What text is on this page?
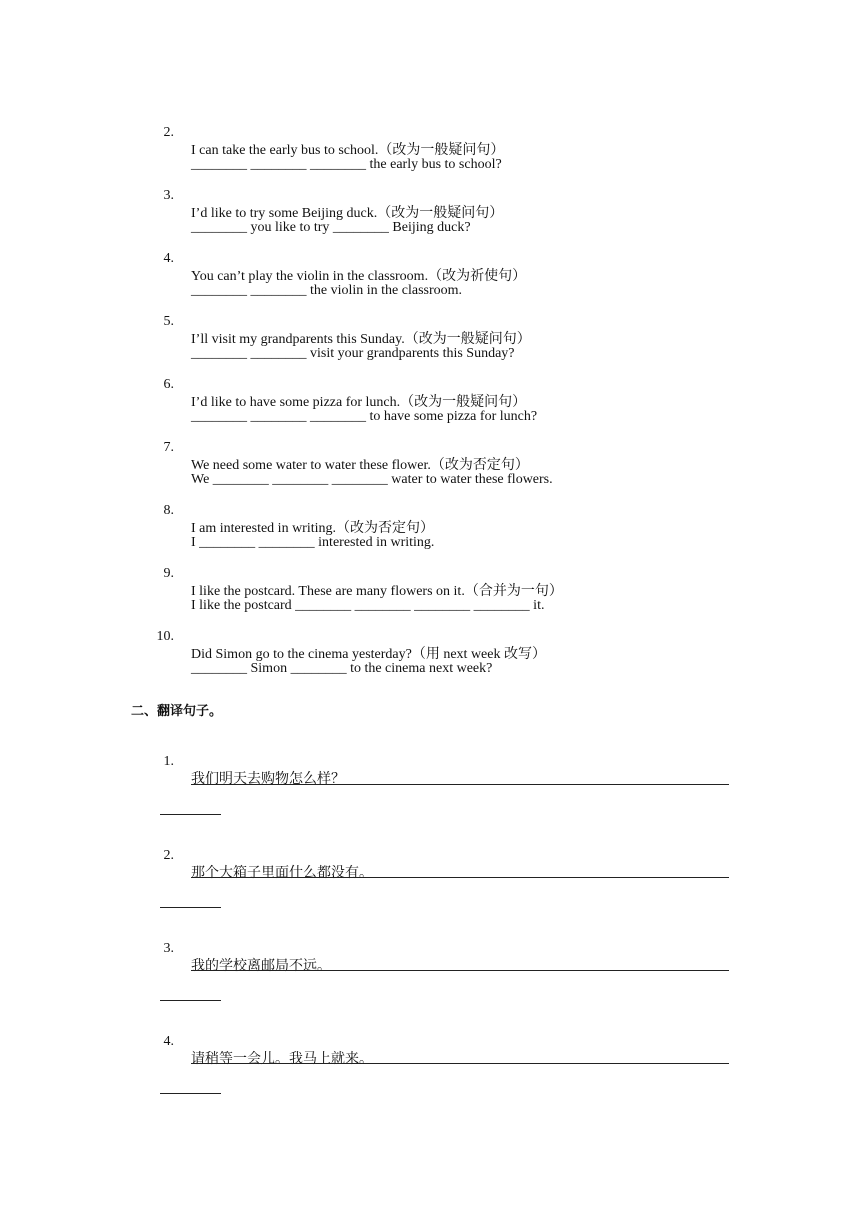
2.

I can take the early bus to school.（改为一般疑问句）

________ ________ ________ the early bus to school?

3.

I’d like to try some Beijing duck.（改为一般疑问句）

________ you like to try ________ Beijing duck?

4.

You can’t play the violin in the classroom.（改为祈使句）

________ ________ the violin in the classroom.

5.

I’ll visit my grandparents this Sunday.（改为一般疑问句）

________ ________ visit your grandparents this Sunday?

6.

I’d like to have some pizza for lunch.（改为一般疑问句）

________ ________ ________ to have some pizza for lunch?

7.

We need some water to water these flower.（改为否定句）

We ________ ________ ________ water to water these flowers.

8.

I am interested in writing.（改为否定句）

I ________ ________ interested in writing.

9.

I like the postcard. These are many flowers on it.（合并为一句）

I like the postcard ________ ________ ________ ________ it.

10.

Did Simon go to the cinema yesterday?（用 next week 改写）

________ Simon ________ to the cinema next week?

二、翻译句子。

1.

我们明天去购物怎么样？

2.

那个大箱子里面什么都没有。

3.

我的学校离邮局不远。

4.

请稍等一会儿。我马上就来。
